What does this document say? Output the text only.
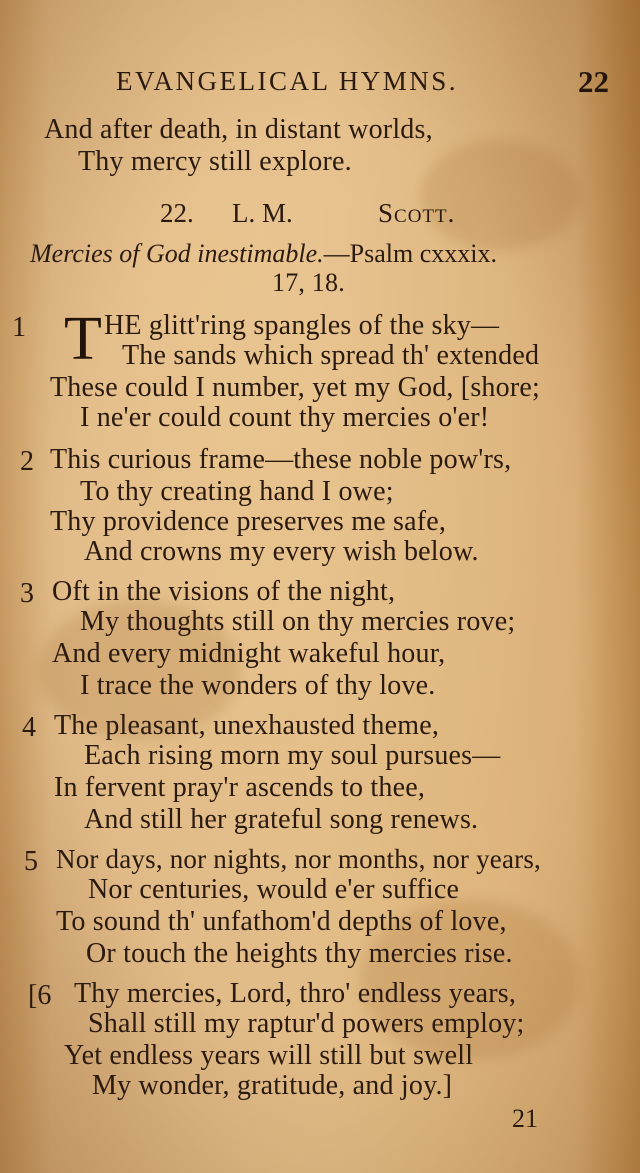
EVANGELICAL HYMNS.	22
And after death, in distant worlds,
Thy mercy still explore.
22. L. M.	Scott.
Mercies of God inestimable.—Psalm cxxxix.
17, 18.
1 T HE glitt'ring spangles of the sky—
The sands which spread th' extended
These could I number, yet my God, [shore;
I ne'er could count thy mercies o'er!
2 This curious frame—these noble pow'rs,
To thy creating hand I owe;
Thy providence preserves me safe,
And crowns my every wish below.
3 Oft in the visions of the night,
My thoughts still on thy mercies rove;
And every midnight wakeful hour,
I trace the wonders of thy love.
4 The pleasant, unexhausted theme,
Each rising morn my soul pursues—
In fervent pray'r ascends to thee,
And still her grateful song renews.
5 Nor days, nor nights, nor months, nor years,
Nor centuries, would e'er suffice
To sound th' unfathom'd depths of love,
Or touch the heights thy mercies rise.
[6 Thy mercies, Lord, thro' endless years,
Shall still my raptur'd powers employ;
Yet endless years will still but swell
My wonder, gratitude, and joy.]
21
